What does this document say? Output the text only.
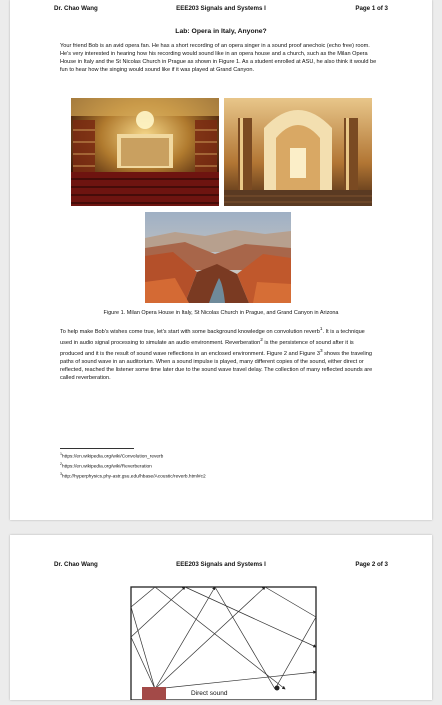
Dr. Chao Wang	EEE203 Signals and Systems I	Page 1 of 3
Lab: Opera in Italy, Anyone?

Your friend Bob is an avid opera fan. He has a short recording of an opera singer in a sound proof anechoic (echo free) room. He's very interested in hearing how his recording would sound like in an opera house and a church, such as the Milan Opera House in Italy and the St Nicolas Church in Prague as shown in Figure 1. As a student enrolled at ASU, he also think it would be fun to hear how the singing would sound like if it was played at Grand Canyon.

Figure 1. Milan Opera House in Italy, St Nicolas Church in Prague, and Grand Canyon in Arizona

To help make Bob's wishes come true, let's start with some background knowledge on convolution reverb$^1$. It is a technique used in audio signal processing to simulate an audio environment. Reverberation$^2$ is the persistence of sound after it is produced and it is the result of sound wave reflections in an enclosed environment. Figure 2 and Figure $3^3$ shows the traveling paths of sound wave in an auditorium. When a sound impulse is played, many different copies of the sound, either direct or reflected, reached the listener some time later due to the sound wave travel delay. The collection of many reflected sounds are called reverberation.

$^1$https://en.wikipedia.org/wiki/Convolution_reverb
$^2$https://en.wikipedia.org/wiki/Reverberation
$^3$http://hyperphysics.phy-astr.gsu.edu/hbase/Acoustic/reverb.html#c2
Dr. Chao Wang	EEE203 Signals and Systems I	Page 2 of 3
Direct sound
